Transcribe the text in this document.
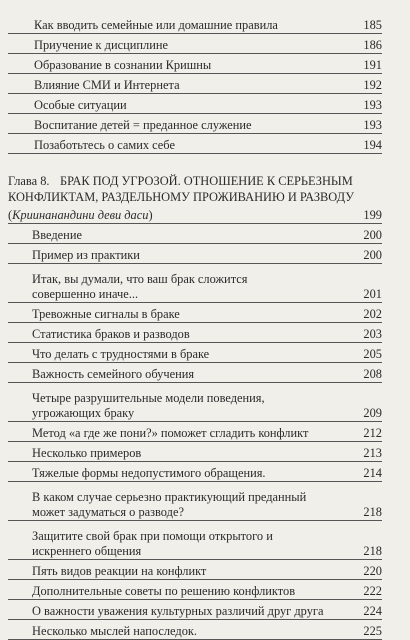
Как вводить семейные или домашние правила	185
Приучение к дисциплине	186
Образование в сознании Кришны	191
Влияние СМИ и Интернета	192
Особые ситуации	193
Воспитание детей = преданное служение	193
Позаботьтесь о самих себе	194
Глава 8. БРАК ПОД УГРОЗОЙ. ОТНОШЕНИЕ К СЕРЬЕЗНЫМ КОНФЛИКТАМ, РАЗДЕЛЬНОМУ ПРОЖИВАНИЮ И РАЗВОДУ
(Криинанандини деви даси)	199
Введение	200
Пример из практики	200
Итак, вы думали, что ваш брак сложится совершенно иначе...	201
Тревожные сигналы в браке	202
Статистика браков и разводов	203
Что делать с трудностями в браке	205
Важность семейного обучения	208
Четыре разрушительные модели поведения, угрожающих браку	209
Метод «а где же пони?» поможет сгладить конфликт	212
Несколько примеров	213
Тяжелые формы недопустимого обращения.	214
В каком случае серьезно практикующий преданный может задуматься о разводе?	218
Защитите свой брак при помощи открытого и искреннего общения	218
Пять видов реакции на конфликт	220
Дополнительные советы по решению конфликтов	222
О важности уважения культурных различий друг друга	224
Несколько мыслей напоследок.	225
